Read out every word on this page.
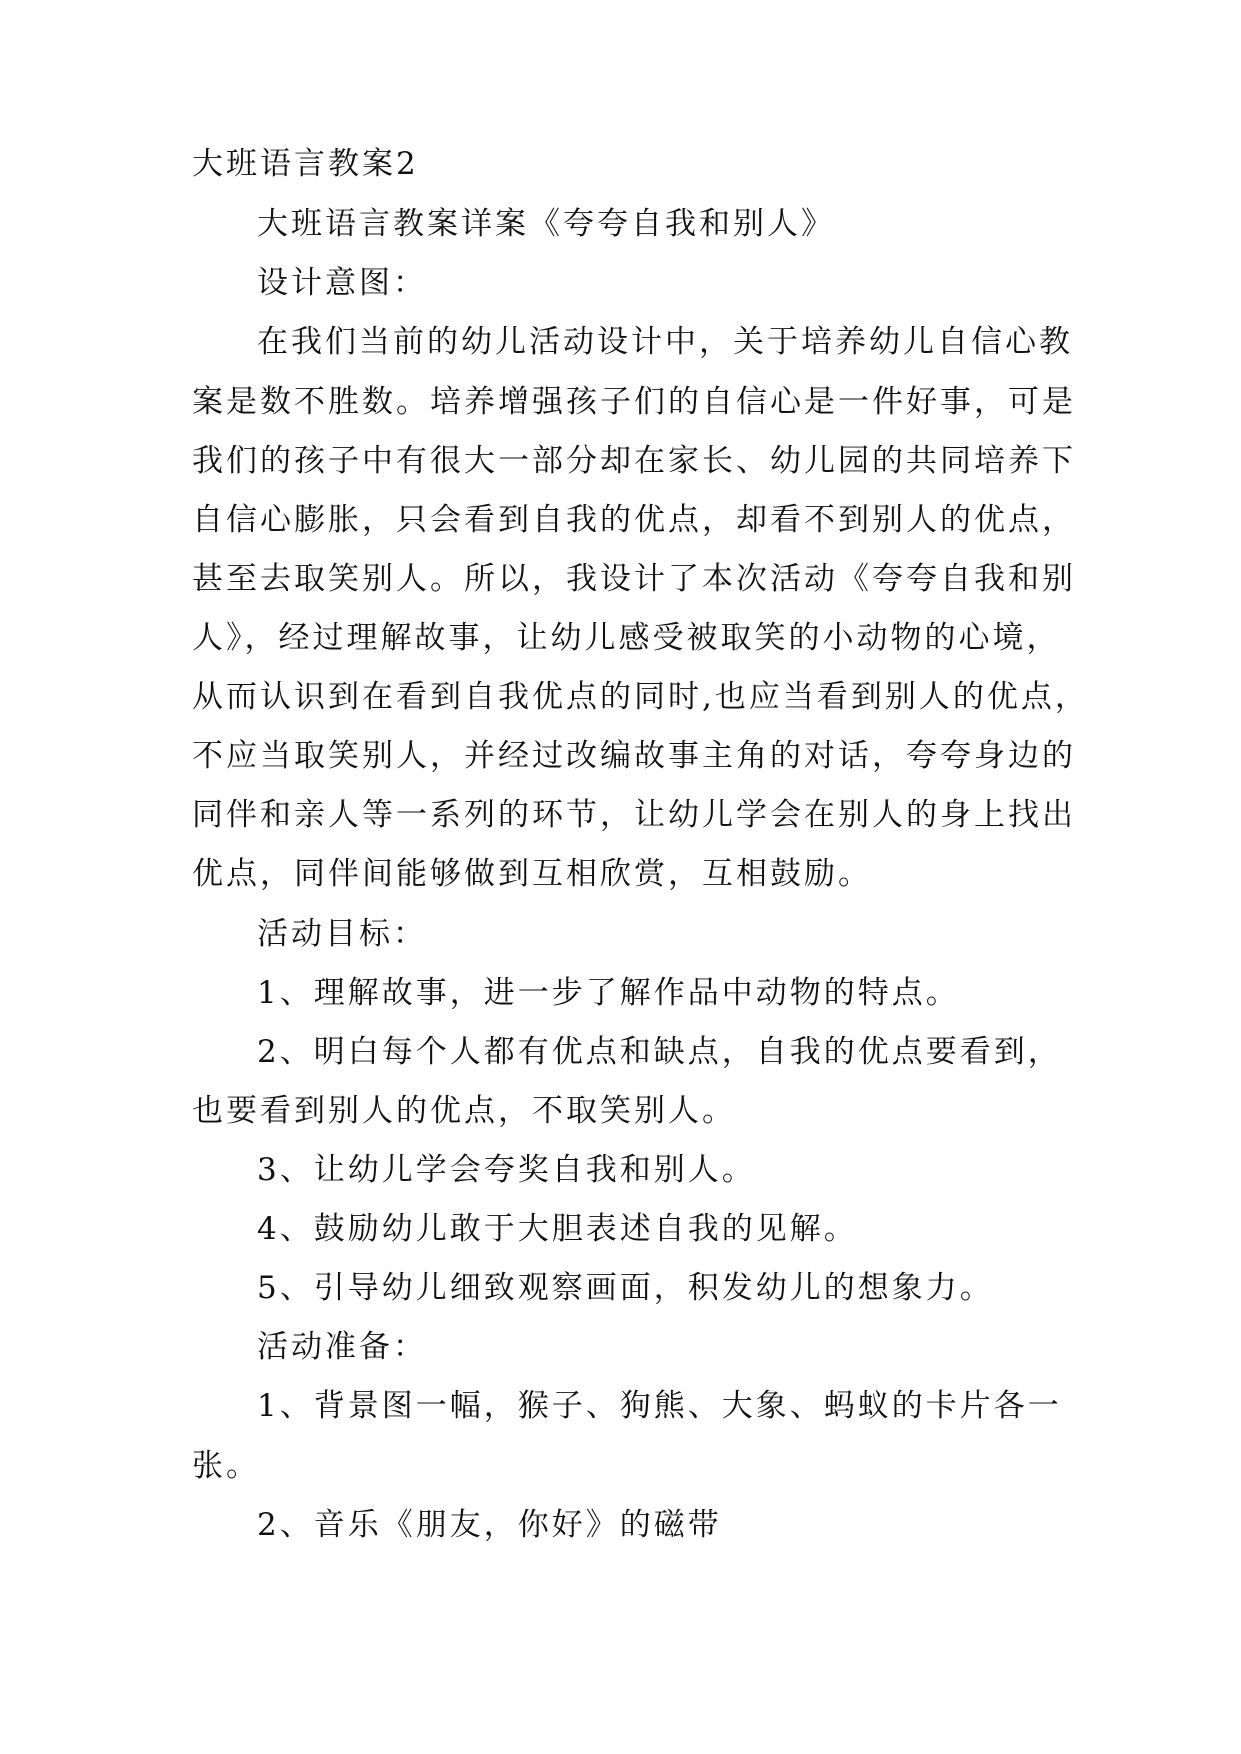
大班语言教案2
大班语言教案详案《夸夸自我和别人》
设计意图：
在我们当前的幼儿活动设计中，关于培养幼儿自信心教
案是数不胜数。培养增强孩子们的自信心是一件好事，可是
我们的孩子中有很大一部分却在家长、幼儿园的共同培养下
自信心膨胀，只会看到自我的优点，却看不到别人的优点，
甚至去取笑别人。所以，我设计了本次活动《夸夸自我和别
人》，经过理解故事，让幼儿感受被取笑的小动物的心境，
从而认识到在看到自我优点的同时,也应当看到别人的优点，
不应当取笑别人，并经过改编故事主角的对话，夸夸身边的
同伴和亲人等一系列的环节，让幼儿学会在别人的身上找出
优点，同伴间能够做到互相欣赏，互相鼓励。
活动目标：
1、理解故事，进一步了解作品中动物的特点。
2、明白每个人都有优点和缺点，自我的优点要看到，
也要看到别人的优点，不取笑别人。
3、让幼儿学会夸奖自我和别人。
4、鼓励幼儿敢于大胆表述自我的见解。
5、引导幼儿细致观察画面，积发幼儿的想象力。
活动准备：
1、背景图一幅，猴子、狗熊、大象、蚂蚁的卡片各一
张。
2、音乐《朋友，你好》的磁带
